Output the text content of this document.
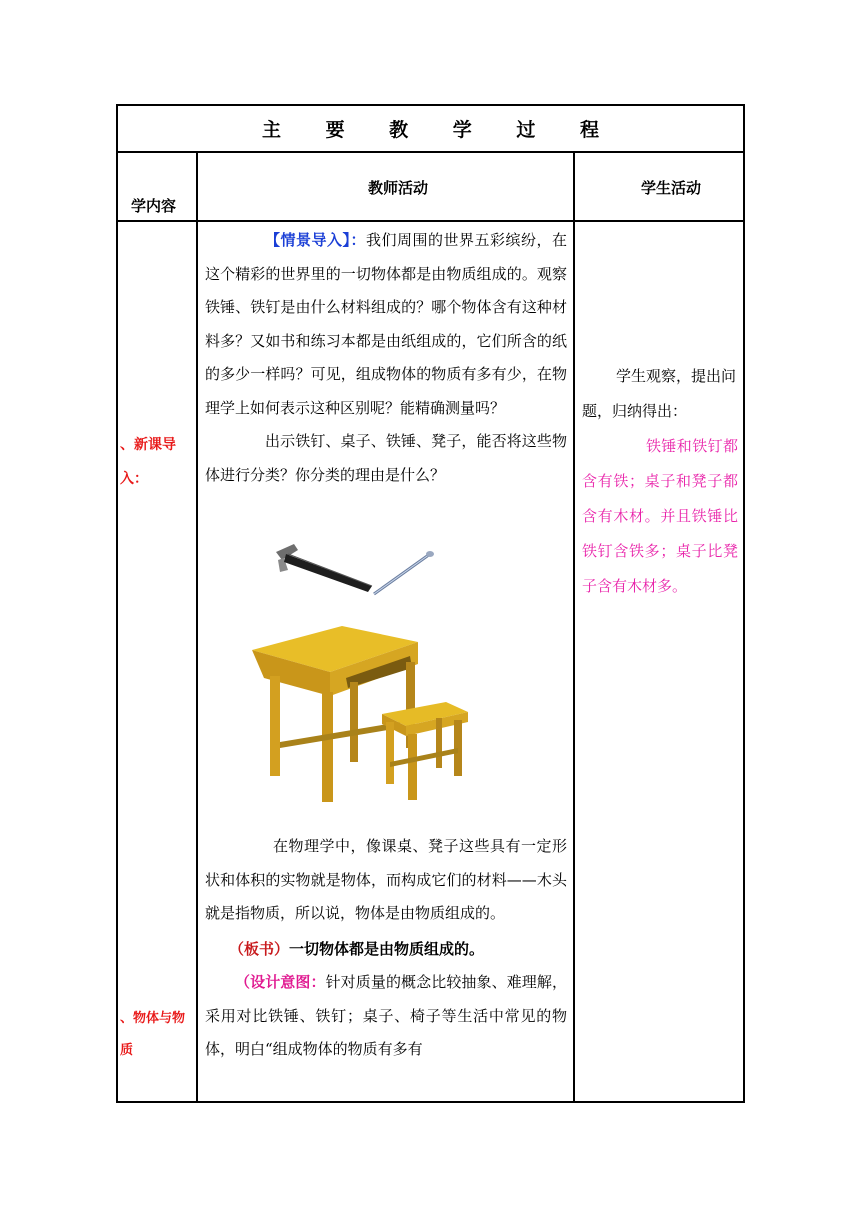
主 要 教 学 过 程
学内容
教师活动	学生活动
、新课导入：
、物体与物质

【情景导入】：我们周围的世界五彩缤纷，在这个精彩的世界里的一切物体都是由物质组成的。观察铁锤、铁钉是由什么材料组成的？哪个物体含有这种材料多？又如书和练习本都是由纸组成的，它们所含的纸的多少一样吗？可见，组成物体的物质有多有少，在物理学上如何表示这种区别呢？能精确测量吗？

出示铁钉、桌子、铁锤、凳子，能否将这些物体进行分类？你分类的理由是什么？

在物理学中，像课桌、凳子这些具有一定形状和体积的实物就是物体，而构成它们的材料——木头就是指物质，所以说，物体是由物质组成的。

（板书）一切物体都是由物质组成的。

（设计意图：针对质量的概念比较抽象、难理解，采用对比铁锤、铁钉；桌子、椅子等生活中常见的物体，明白“组成物体的物质有多有

学生观察，提出问题，归纳得出：

铁锤和铁钉都含有铁；桌子和凳子都含有木材。并且铁锤比铁钉含铁多；桌子比凳子含有木材多。
